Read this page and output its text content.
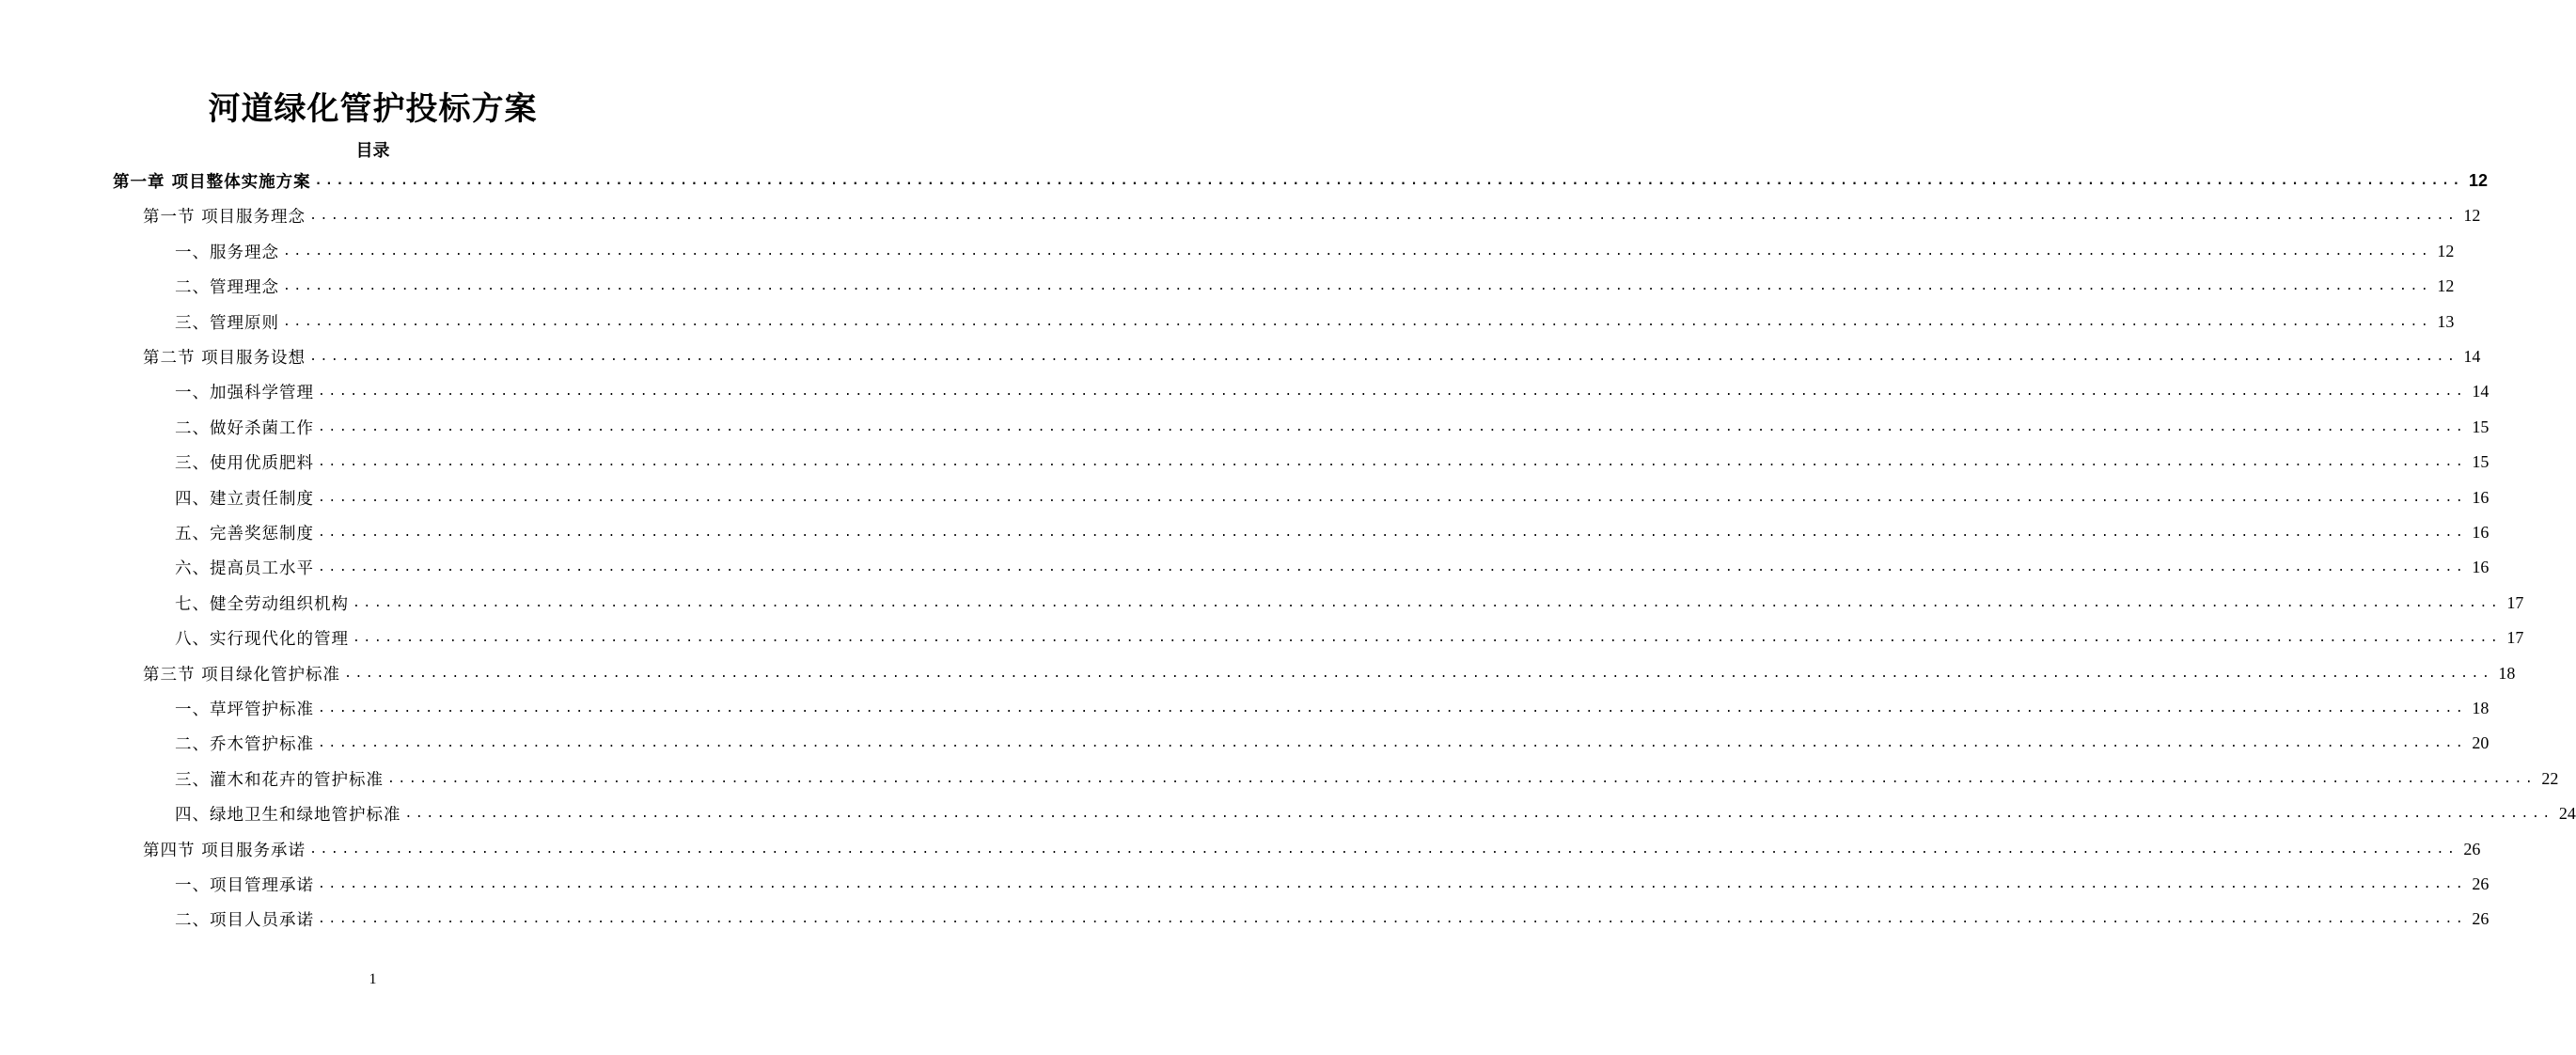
河道绿化管护投标方案
目录
第一章 项目整体实施方案 ........................................................................................................................................................................................................ 12
第一节 项目服务理念 ........................................................................................................................................................................................................ 12
一、服务理念 ........................................................................................................................................................................................................ 12
二、管理理念 ........................................................................................................................................................................................................ 12
三、管理原则 ........................................................................................................................................................................................................ 13
第二节 项目服务设想 ........................................................................................................................................................................................................ 14
一、加强科学管理 ........................................................................................................................................................................................................ 14
二、做好杀菌工作 ........................................................................................................................................................................................................ 15
三、使用优质肥料 ........................................................................................................................................................................................................ 15
四、建立责任制度 ........................................................................................................................................................................................................ 16
五、完善奖惩制度 ........................................................................................................................................................................................................ 16
六、提高员工水平 ........................................................................................................................................................................................................ 16
七、健全劳动组织机构 ........................................................................................................................................................................................................ 17
八、实行现代化的管理 ........................................................................................................................................................................................................ 17
第三节 项目绿化管护标准 ........................................................................................................................................................................................................ 18
一、草坪管护标准 ........................................................................................................................................................................................................ 18
二、乔木管护标准 ........................................................................................................................................................................................................ 20
三、灌木和花卉的管护标准 ........................................................................................................................................................................................................ 22
四、绿地卫生和绿地管护标准 ........................................................................................................................................................................................................ 24
第四节 项目服务承诺 ........................................................................................................................................................................................................ 26
一、项目管理承诺 ........................................................................................................................................................................................................ 26
二、项目人员承诺 ........................................................................................................................................................................................................ 26
1
